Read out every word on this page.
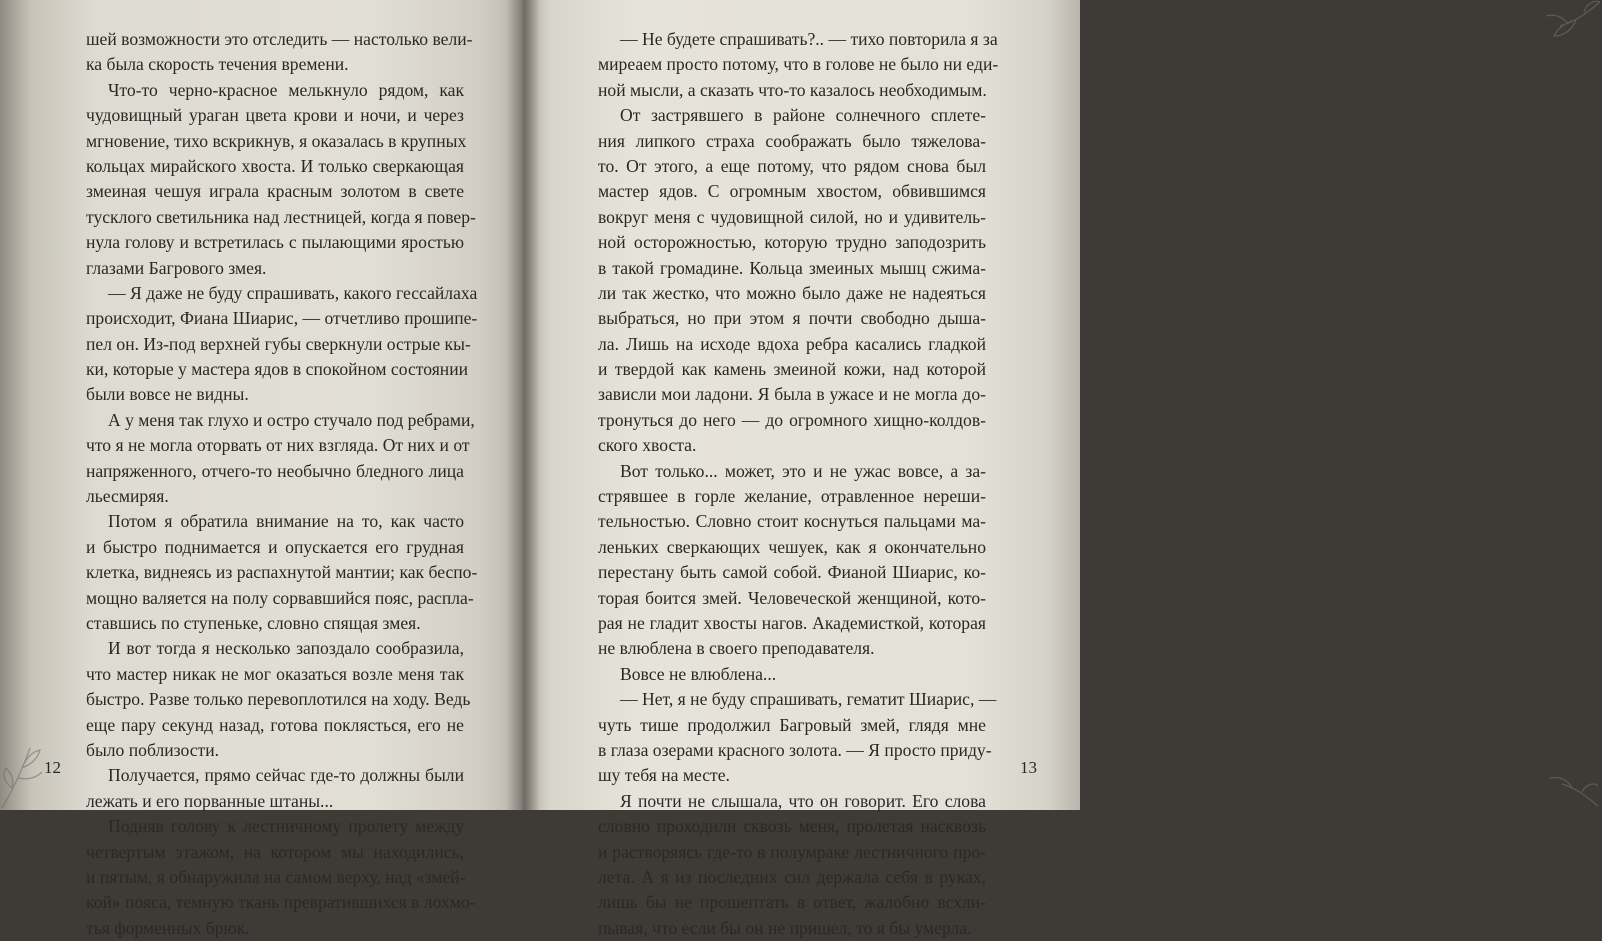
шей возможности это отследить — настолько вели-
ка была скорость течения времени.
Что-то черно-красное мелькнуло рядом, как
чудовищный ураган цвета крови и ночи, и через
мгновение, тихо вскрикнув, я оказалась в крупных
кольцах мирайского хвоста. И только сверкающая
змеиная чешуя играла красным золотом в свете
тусклого светильника над лестницей, когда я повер-
нула голову и встретилась с пылающими яростью
глазами Багрового змея.
— Я даже не буду спрашивать, какого гессайлаха
происходит, Фиана Шиарис, — отчетливо прошипе-
пел он. Из-под верхней губы сверкнули острые кы-
ки, которые у мастера ядов в спокойном состоянии
были вовсе не видны.
А у меня так глухо и остро стучало под ребрами,
что я не могла оторвать от них взгляда. От них и от
напряженного, отчего-то необычно бледного лица
льесмиряя.
Потом я обратила внимание на то, как часто
и быстро поднимается и опускается его грудная
клетка, виднеясь из распахнутой мантии; как беспо-
мощно валяется на полу сорвавшийся пояс, распла-
ставшись по ступеньке, словно спящая змея.
И вот тогда я несколько запоздало сообразила,
что мастер никак не мог оказаться возле меня так
быстро. Разве только перевоплотился на ходу. Ведь
еще пару секунд назад, готова поклясться, его не
было поблизости.
Получается, прямо сейчас где-то должны были
лежать и его порванные штаны...
Подняв голову к лестничному пролету между
четвертым этажом, на котором мы находились,
и пятым, я обнаружила на самом верху, над «змей-
кой» пояса, темную ткань превратившихся в лохмо-
тья форменных брюк.
12
— Не будете спрашивать?.. — тихо повторила я за
миреаем просто потому, что в голове не было ни еди-
ной мысли, а сказать что-то казалось необходимым.
От застрявшего в районе солнечного сплете-
ния липкого страха соображать было тяжелова-
то. От этого, а еще потому, что рядом снова был
мастер ядов. С огромным хвостом, обвившимся
вокруг меня с чудовищной силой, но и удивитель-
ной осторожностью, которую трудно заподозрить
в такой громадине. Кольца змеиных мышц сжима-
ли так жестко, что можно было даже не надеяться
выбраться, но при этом я почти свободно дыша-
ла. Лишь на исходе вдоха ребра касались гладкой
и твердой как камень змеиной кожи, над которой
зависли мои ладони. Я была в ужасе и не могла до-
тронуться до него — до огромного хищно-колдов-
ского хвоста.
Вот только... может, это и не ужас вовсе, а за-
стрявшее в горле желание, отравленное нереши-
тельностью. Словно стоит коснуться пальцами ма-
леньких сверкающих чешуек, как я окончательно
перестану быть самой собой. Фианой Шиарис, ко-
торая боится змей. Человеческой женщиной, кото-
рая не гладит хвосты нагов. Академисткой, которая
не влюблена в своего преподавателя.
Вовсе не влюблена...
— Нет, я не буду спрашивать, гематит Шиарис, —
чуть тише продолжил Багровый змей, глядя мне
в глаза озерами красного золота. — Я просто приду-
шу тебя на месте.
Я почти не слышала, что он говорит. Его слова
словно проходили сквозь меня, пролетая насквозь
и растворяясь где-то в полумраке лестничного про-
лета. А я из последних сил держала себя в руках,
лишь бы не прошептать в ответ, жалобно всхли-
пывая, что если бы он не пришел, то я бы умерла.
13
